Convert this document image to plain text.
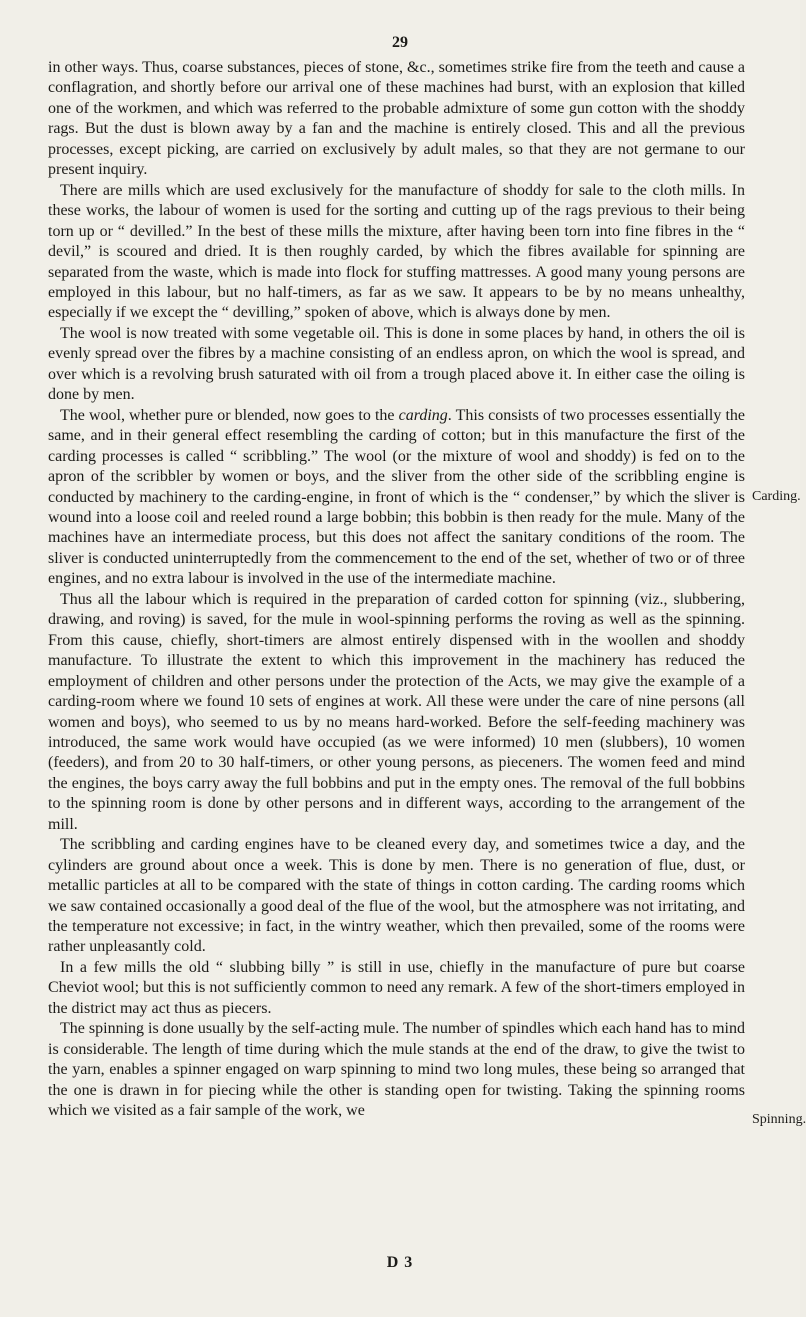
29

in other ways. Thus, coarse substances, pieces of stone, &c., sometimes strike fire from the teeth and cause a conflagration, and shortly before our arrival one of these machines had burst, with an explosion that killed one of the workmen, and which was referred to the probable admixture of some gun cotton with the shoddy rags. But the dust is blown away by a fan and the machine is entirely closed. This and all the previous processes, except picking, are carried on exclusively by adult males, so that they are not germane to our present inquiry.

There are mills which are used exclusively for the manufacture of shoddy for sale to the cloth mills. In these works, the labour of women is used for the sorting and cutting up of the rags previous to their being torn up or “ devilled.” In the best of these mills the mixture, after having been torn into fine fibres in the “ devil,” is scoured and dried. It is then roughly carded, by which the fibres available for spinning are separated from the waste, which is made into flock for stuffing mattresses. A good many young persons are employed in this labour, but no half-timers, as far as we saw. It appears to be by no means unhealthy, especially if we except the “ devilling,” spoken of above, which is always done by men.

The wool is now treated with some vegetable oil. This is done in some places by hand, in others the oil is evenly spread over the fibres by a machine consisting of an endless apron, on which the wool is spread, and over which is a revolving brush saturated with oil from a trough placed above it. In either case the oiling is done by men.

The wool, whether pure or blended, now goes to the carding. This consists of two processes essentially the same, and in their general effect resembling the carding of cotton; but in this manufacture the first of the carding processes is called “ scribbling.” The wool (or the mixture of wool and shoddy) is fed on to the apron of the scribbler by women or boys, and the sliver from the other side of the scribbling engine is conducted by machinery to the carding-engine, in front of which is the “ condenser,” by which the sliver is wound into a loose coil and reeled round a large bobbin; this bobbin is then ready for the mule. Many of the machines have an intermediate process, but this does not affect the sanitary conditions of the room. The sliver is conducted uninterruptedly from the commencement to the end of the set, whether of two or of three engines, and no extra labour is involved in the use of the intermediate machine.

Thus all the labour which is required in the preparation of carded cotton for spinning (viz., slubbering, drawing, and roving) is saved, for the mule in wool-spinning performs the roving as well as the spinning. From this cause, chiefly, short-timers are almost entirely dispensed with in the woollen and shoddy manufacture. To illustrate the extent to which this improvement in the machinery has reduced the employment of children and other persons under the protection of the Acts, we may give the example of a carding-room where we found 10 sets of engines at work. All these were under the care of nine persons (all women and boys), who seemed to us by no means hard-worked. Before the self-feeding machinery was introduced, the same work would have occupied (as we were informed) 10 men (slubbers), 10 women (feeders), and from 20 to 30 half-timers, or other young persons, as pieceners. The women feed and mind the engines, the boys carry away the full bobbins and put in the empty ones. The removal of the full bobbins to the spinning room is done by other persons and in different ways, according to the arrangement of the mill.

The scribbling and carding engines have to be cleaned every day, and sometimes twice a day, and the cylinders are ground about once a week. This is done by men. There is no generation of flue, dust, or metallic particles at all to be compared with the state of things in cotton carding. The carding rooms which we saw contained occasionally a good deal of the flue of the wool, but the atmosphere was not irritating, and the temperature not excessive; in fact, in the wintry weather, which then prevailed, some of the rooms were rather unpleasantly cold.

In a few mills the old “ slubbing billy ” is still in use, chiefly in the manufacture of pure but coarse Cheviot wool; but this is not sufficiently common to need any remark. A few of the short-timers employed in the district may act thus as piecers.

The spinning is done usually by the self-acting mule. The number of spindles which each hand has to mind is considerable. The length of time during which the mule stands at the end of the draw, to give the twist to the yarn, enables a spinner engaged on warp spinning to mind two long mules, these being so arranged that the one is drawn in for piecing while the other is standing open for twisting. Taking the spinning rooms which we visited as a fair sample of the work, we

Carding.
Spinning.
D 3
